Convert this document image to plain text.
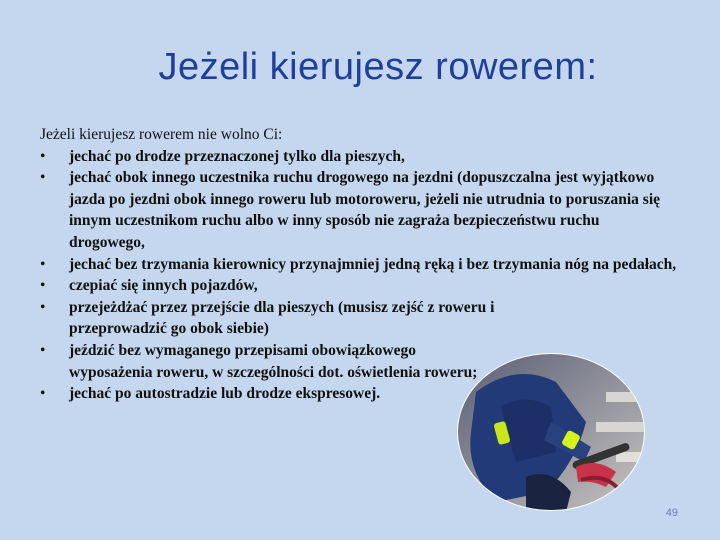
Jeżeli kierujesz rowerem:

Jeżeli kierujesz rowerem nie wolno Ci:

• jechać po drodze przeznaczonej tylko dla pieszych,
• jechać obok innego uczestnika ruchu drogowego na jezdni (dopuszczalna jest wyjątkowo jazda po jezdni obok innego roweru lub motoroweru, jeżeli nie utrudnia to poruszania się innym uczestnikom ruchu albo w inny sposób nie zagraża bezpieczeństwu ruchu drogowego,
• jechać bez trzymania kierownicy przynajmniej jedną ręką i bez trzymania nóg na pedałach,
• czepiać się innych pojazdów,
• przejeżdżać przez przejście dla pieszych (musisz zejść z roweru i przeprowadzić go obok siebie)
• jeździć bez wymaganego przepisami obowiązkowego wyposażenia roweru, w szczególności dot. oświetlenia roweru;
• jechać po autostradzie lub drodze ekspresowej.
49
